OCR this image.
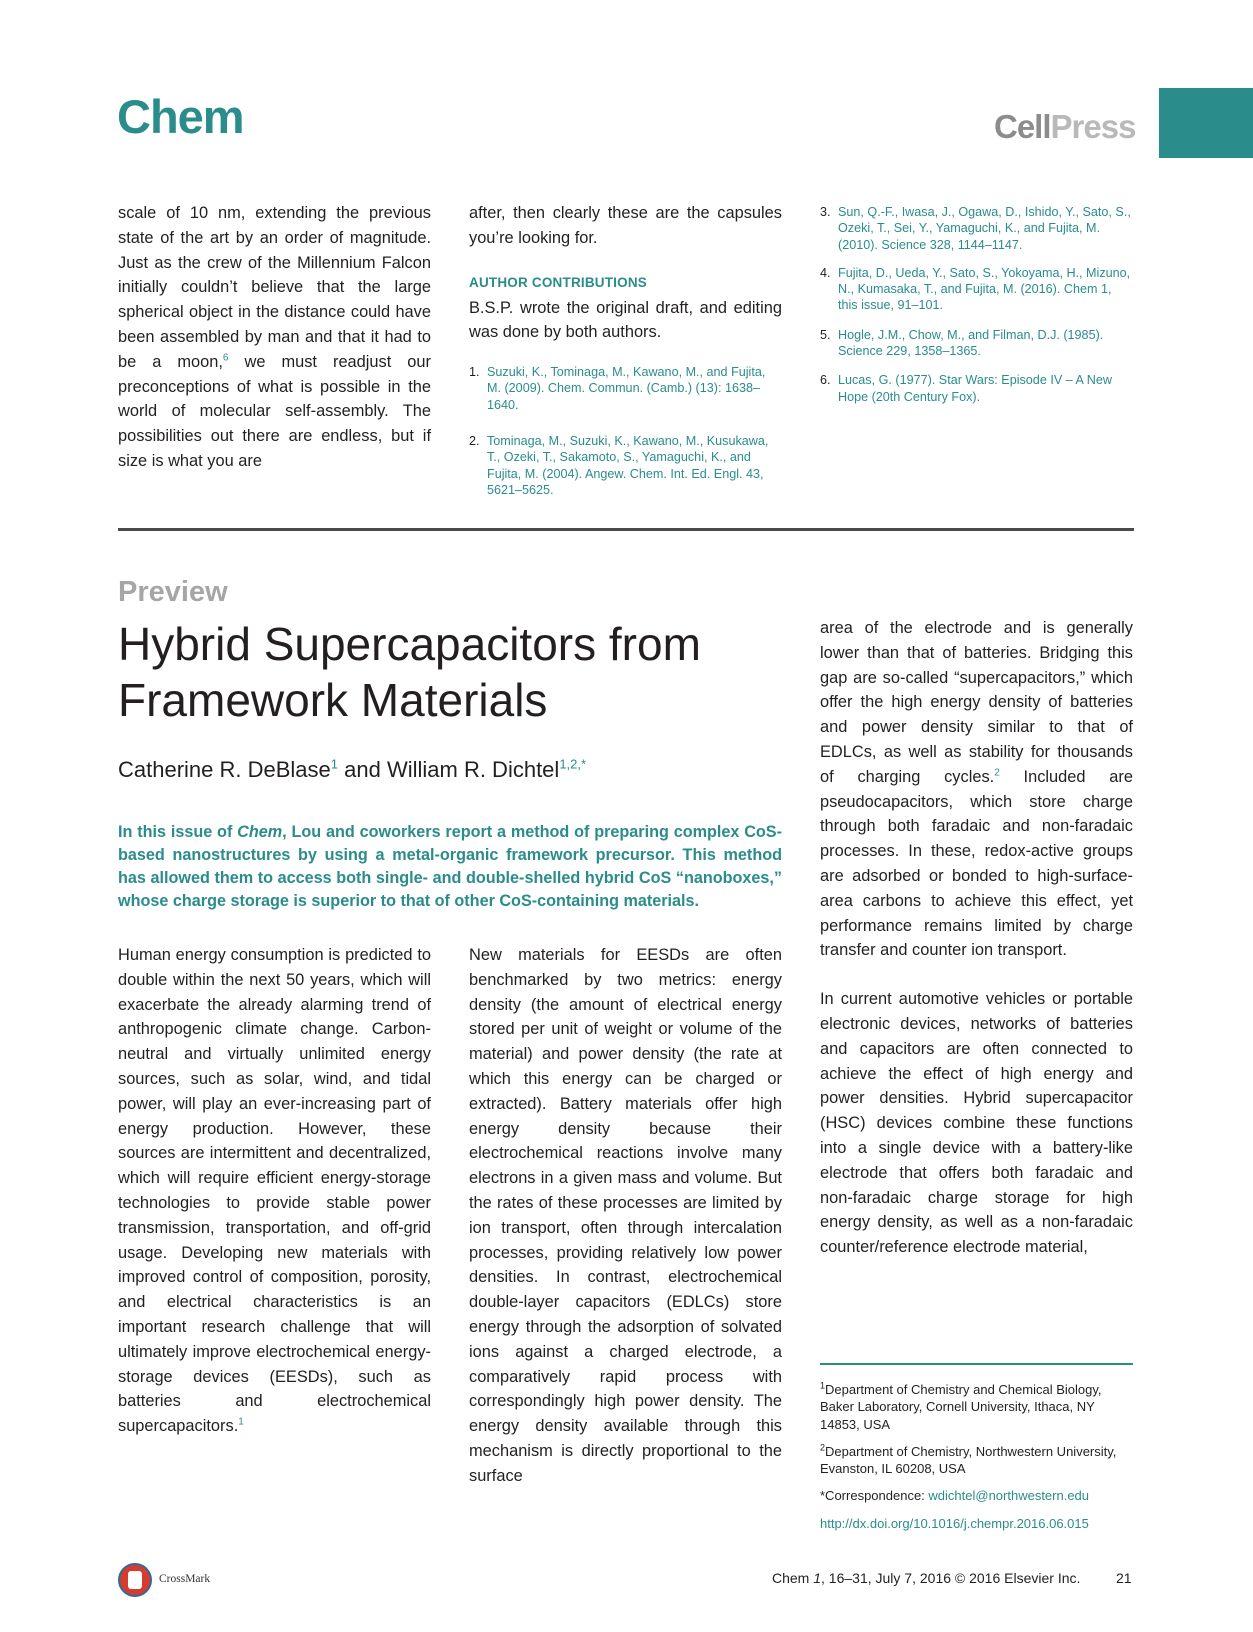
Chem	CellPress
scale of 10 nm, extending the previous state of the art by an order of magnitude. Just as the crew of the Millennium Falcon initially couldn’t believe that the large spherical object in the distance could have been assembled by man and that it had to be a moon,$^6$ we must readjust our preconceptions of what is possible in the world of molecular self-assembly. The possibilities out there are endless, but if size is what you are
after, then clearly these are the capsules you’re looking for.
AUTHOR CONTRIBUTIONS
B.S.P. wrote the original draft, and editing was done by both authors.
1. Suzuki, K., Tominaga, M., Kawano, M., and Fujita, M. (2009). Chem. Commun. (Camb.) (13): 1638–1640.
2. Tominaga, M., Suzuki, K., Kawano, M., Kusukawa, T., Ozeki, T., Sakamoto, S., Yamaguchi, K., and Fujita, M. (2004). Angew. Chem. Int. Ed. Engl. 43, 5621–5625.
3. Sun, Q.-F., Iwasa, J., Ogawa, D., Ishido, Y., Sato, S., Ozeki, T., Sei, Y., Yamaguchi, K., and Fujita, M. (2010). Science 328, 1144–1147.
4. Fujita, D., Ueda, Y., Sato, S., Yokoyama, H., Mizuno, N., Kumasaka, T., and Fujita, M. (2016). Chem 1, this issue, 91–101.
5. Hogle, J.M., Chow, M., and Filman, D.J. (1985). Science 229, 1358–1365.
6. Lucas, G. (1977). Star Wars: Episode IV – A New Hope (20th Century Fox).
Preview
Hybrid Supercapacitors from Framework Materials
Catherine R. DeBlase$^1$ and William R. Dichtel$^{1,2,*}$
In this issue of Chem, Lou and coworkers report a method of preparing complex CoS-based nanostructures by using a metal-organic framework precursor. This method has allowed them to access both single- and double-shelled hybrid CoS “nanoboxes,” whose charge storage is superior to that of other CoS-containing materials.
Human energy consumption is predicted to double within the next 50 years, which will exacerbate the already alarming trend of anthropogenic climate change. Carbon-neutral and virtually unlimited energy sources, such as solar, wind, and tidal power, will play an ever-increasing part of energy production. However, these sources are intermittent and decentralized, which will require efficient energy-storage technologies to provide stable power transmission, transportation, and off-grid usage. Developing new materials with improved control of composition, porosity, and electrical characteristics is an important research challenge that will ultimately improve electrochemical energy-storage devices (EESDs), such as batteries and electrochemical supercapacitors.$^1$
New materials for EESDs are often benchmarked by two metrics: energy density (the amount of electrical energy stored per unit of weight or volume of the material) and power density (the rate at which this energy can be charged or extracted). Battery materials offer high energy density because their electrochemical reactions involve many electrons in a given mass and volume. But the rates of these processes are limited by ion transport, often through intercalation processes, providing relatively low power densities. In contrast, electrochemical double-layer capacitors (EDLCs) store energy through the adsorption of solvated ions against a charged electrode, a comparatively rapid process with correspondingly high power density. The energy density available through this mechanism is directly proportional to the surface
area of the electrode and is generally lower than that of batteries. Bridging this gap are so-called “supercapacitors,” which offer the high energy density of batteries and power density similar to that of EDLCs, as well as stability for thousands of charging cycles.$^2$ Included are pseudocapacitors, which store charge through both faradaic and non-faradaic processes. In these, redox-active groups are adsorbed or bonded to high-surface-area carbons to achieve this effect, yet performance remains limited by charge transfer and counter ion transport.
In current automotive vehicles or portable electronic devices, networks of batteries and capacitors are often connected to achieve the effect of high energy and power densities. Hybrid supercapacitor (HSC) devices combine these functions into a single device with a battery-like electrode that offers both faradaic and non-faradaic charge storage for high energy density, as well as a non-faradaic counter/reference electrode material,

$^1$Department of Chemistry and Chemical Biology, Baker Laboratory, Cornell University, Ithaca, NY 14853, USA

$^2$Department of Chemistry, Northwestern University, Evanston, IL 60208, USA

*Correspondence: wdichtel@northwestern.edu

http://dx.doi.org/10.1016/j.chempr.2016.06.015

CrossMark	Chem 1, 16–31, July 7, 2016 © 2016 Elsevier Inc.	21
